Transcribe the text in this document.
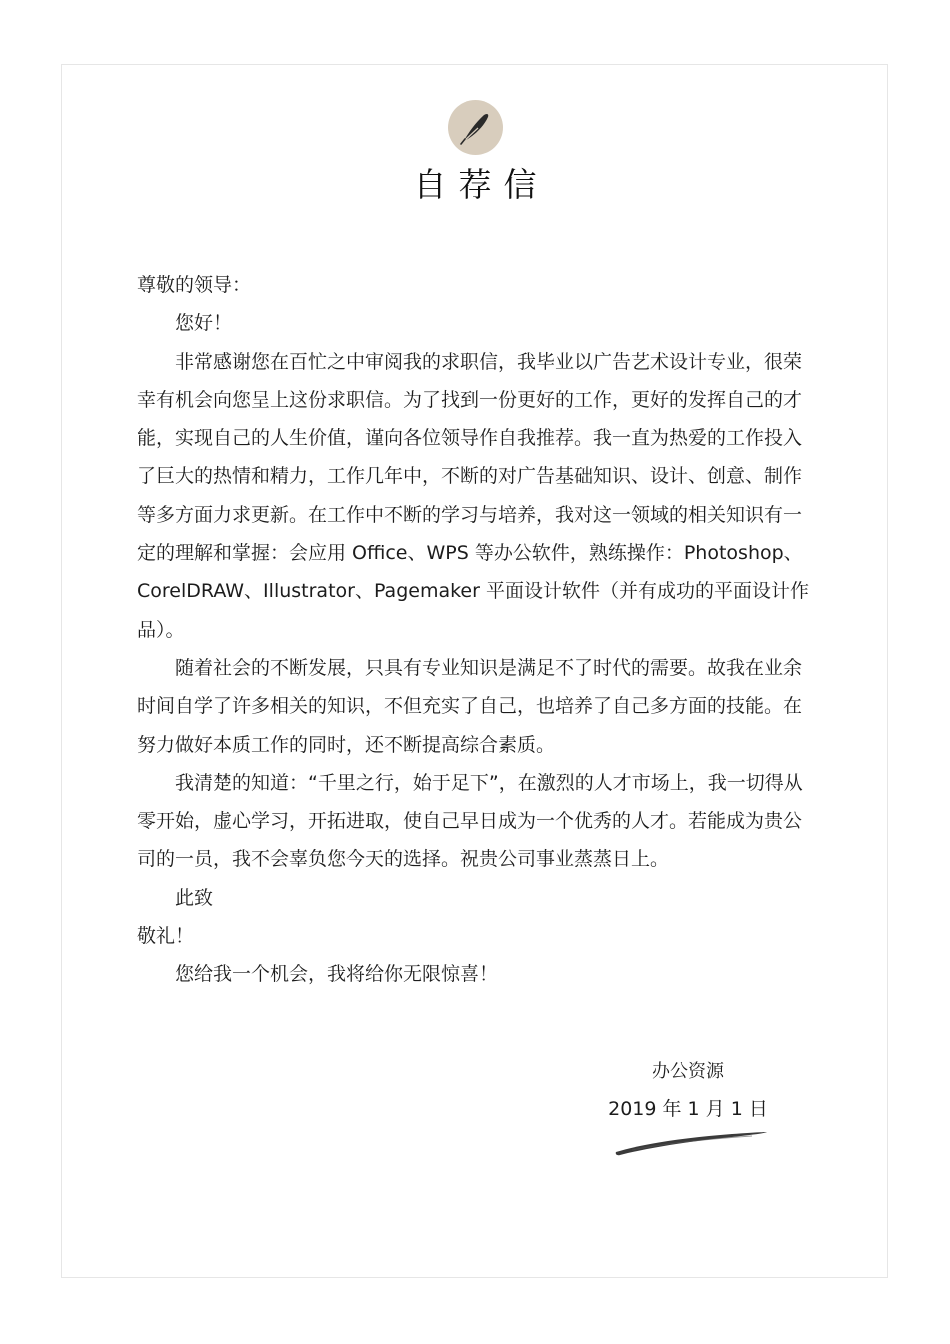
自荐信

尊敬的领导：

您好！

非常感谢您在百忙之中审阅我的求职信，我毕业以广告艺术设计专业，很荣幸有机会向您呈上这份求职信。为了找到一份更好的工作，更好的发挥自己的才能，实现自己的人生价值，谨向各位领导作自我推荐。我一直为热爱的工作投入了巨大的热情和精力，工作几年中，不断的对广告基础知识、设计、创意、制作等多方面力求更新。在工作中不断的学习与培养，我对这一领域的相关知识有一定的理解和掌握：会应用 Office、WPS 等办公软件，熟练操作：Photoshop、CorelDRAW、Illustrator、Pagemaker 平面设计软件（并有成功的平面设计作品）。

随着社会的不断发展，只具有专业知识是满足不了时代的需要。故我在业余时间自学了许多相关的知识，不但充实了自己，也培养了自己多方面的技能。在努力做好本质工作的同时，还不断提高综合素质。

我清楚的知道：“千里之行，始于足下”，在激烈的人才市场上，我一切得从零开始，虚心学习，开拓进取，使自己早日成为一个优秀的人才。若能成为贵公司的一员，我不会辜负您今天的选择。祝贵公司事业蒸蒸日上。

此致

敬礼！

您给我一个机会，我将给你无限惊喜！

办公资源
2019 年 1 月 1 日
